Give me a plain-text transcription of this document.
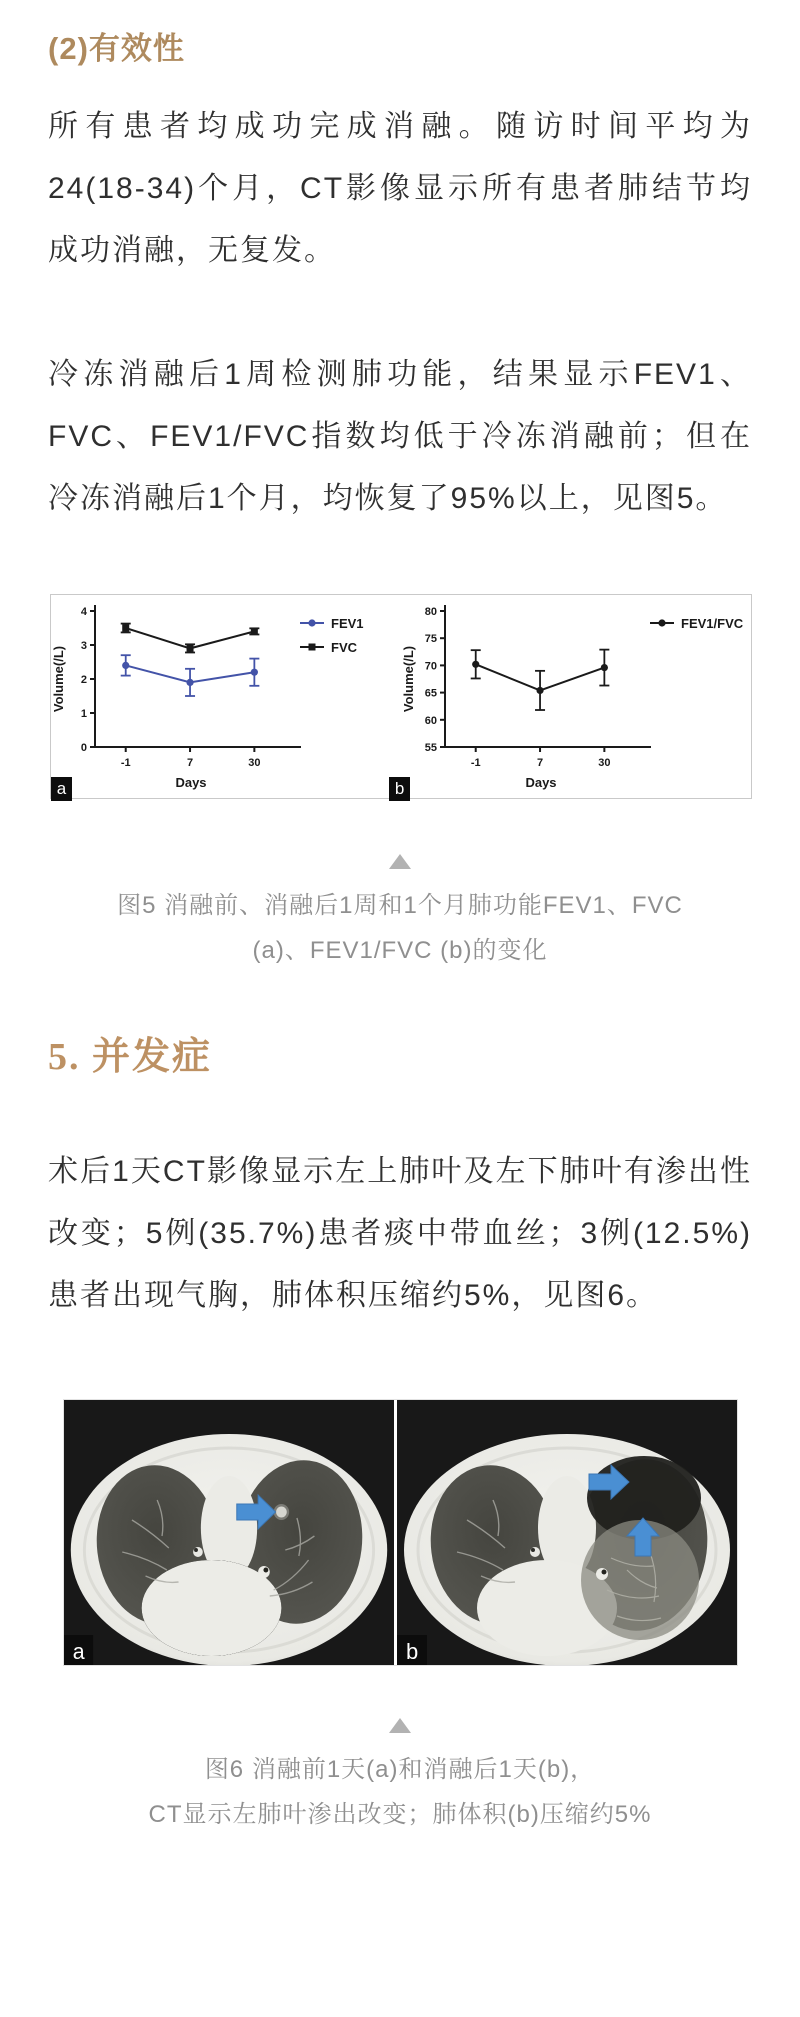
(2)有效性

所有患者均成功完成消融。随访时间平均为24(18-34)个月，CT影像显示所有患者肺结节均成功消融，无复发。

冷冻消融后1周检测肺功能，结果显示FEV1、FVC、FEV1/FVC指数均低于冷冻消融前；但在冷冻消融后1个月，均恢复了95%以上，见图5。

0
1
2
3
4
-1	7	30
Days
Volume(/L)
FEV1
FVC
55
60
65
70
75
80
-1	7	30
Days
Volume(/L)
FEV1/FVC
a	b
图5 消融前、消融后1周和1个月肺功能FEV1、FVC
(a)、FEV1/FVC (b)的变化
5. 并发症

术后1天CT影像显示左上肺叶及左下肺叶有渗出性改变；5例(35.7%)患者痰中带血丝；3例(12.5%)患者出现气胸，肺体积压缩约5%，见图6。

a	b
图6 消融前1天(a)和消融后1天(b)，
CT显示左肺叶渗出改变；肺体积(b)压缩约5%
